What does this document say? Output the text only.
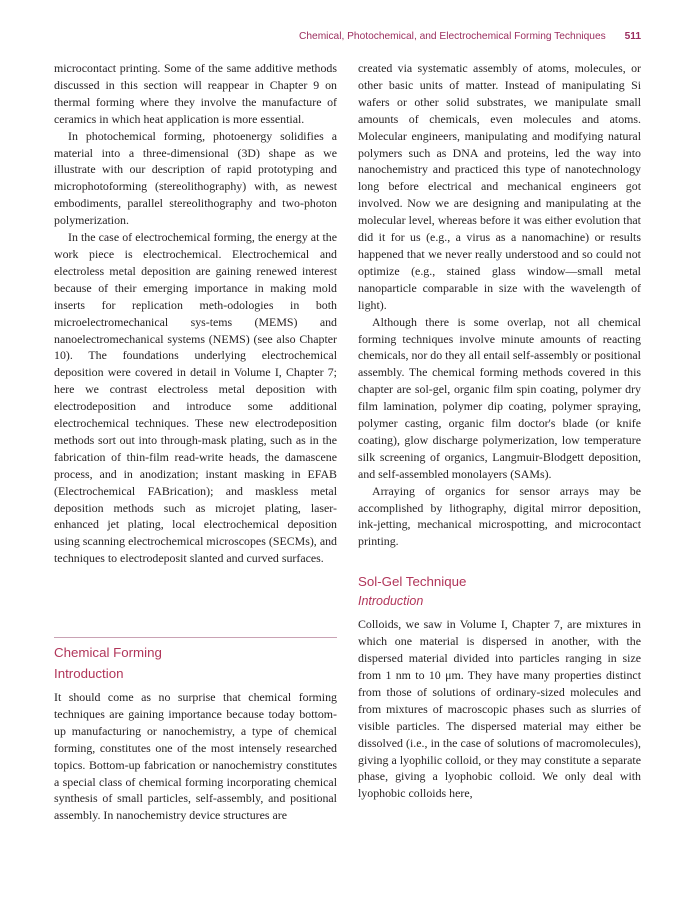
Chemical, Photochemical, and Electrochemical Forming Techniques 511

microcontact printing. Some of the same additive methods discussed in this section will reappear in Chapter 9 on thermal forming where they involve the manufacture of ceramics in which heat application is more essential.

In photochemical forming, photoenergy solidifies a material into a three-dimensional (3D) shape as we illustrate with our description of rapid prototyping and microphotoforming (stereolithography) with, as newest embodiments, parallel stereolithography and two-photon polymerization.

In the case of electrochemical forming, the energy at the work piece is electrochemical. Electrochemical and electroless metal deposition are gaining renewed interest because of their emerging importance in making mold inserts for replication meth-odologies in both microelectromechanical sys-tems (MEMS) and nanoelectromechanical systems (NEMS) (see also Chapter 10). The foundations underlying electrochemical deposition were covered in detail in Volume I, Chapter 7; here we contrast electroless metal deposition with electrodeposition and introduce some additional electrochemical techniques. These new electrodeposition methods sort out into through-mask plating, such as in the fabrication of thin-film read-write heads, the damascene process, and in anodization; instant masking in EFAB (Electrochemical FABrication); and maskless metal deposition methods such as microjet plating, laser-enhanced jet plating, local electrochemical deposition using scanning electrochemical microscopes (SECMs), and techniques to electrodeposit slanted and curved surfaces.

Chemical Forming
Introduction

It should come as no surprise that chemical forming techniques are gaining importance because today bottom-up manufacturing or nanochemistry, a type of chemical forming, constitutes one of the most intensely researched topics. Bottom-up fabrication or nanochemistry constitutes a special class of chemical forming incorporating chemical synthesis of small particles, self-assembly, and positional assembly. In nanochemistry device structures are

created via systematic assembly of atoms, molecules, or other basic units of matter. Instead of manipulating Si wafers or other solid substrates, we manipulate small amounts of chemicals, even molecules and atoms. Molecular engineers, manipulating and modifying natural polymers such as DNA and proteins, led the way into nanochemistry and practiced this type of nanotechnology long before electrical and mechanical engineers got involved. Now we are designing and manipulating at the molecular level, whereas before it was either evolution that did it for us (e.g., a virus as a nanomachine) or results happened that we never really understood and so could not optimize (e.g., stained glass window—small metal nanoparticle comparable in size with the wavelength of light).

Although there is some overlap, not all chemical forming techniques involve minute amounts of reacting chemicals, nor do they all entail self-assembly or positional assembly. The chemical forming methods covered in this chapter are sol-gel, organic film spin coating, polymer dry film lamination, polymer dip coating, polymer spraying, polymer casting, organic film doctor's blade (or knife coating), glow discharge polymerization, low temperature silk screening of organics, Langmuir-Blodgett deposition, and self-assembled monolayers (SAMs).

Arraying of organics for sensor arrays may be accomplished by lithography, digital mirror deposition, ink-jetting, mechanical microspotting, and microcontact printing.

Sol-Gel Technique
Introduction

Colloids, we saw in Volume I, Chapter 7, are mixtures in which one material is dispersed in another, with the dispersed material divided into particles ranging in size from 1 nm to 10 μm. They have many properties distinct from those of solutions of ordinary-sized molecules and from mixtures of macroscopic phases such as slurries of visible particles. The dispersed material may either be dissolved (i.e., in the case of solutions of macromolecules), giving a lyophilic colloid, or they may constitute a separate phase, giving a lyophobic colloid. We only deal with lyophobic colloids here,
